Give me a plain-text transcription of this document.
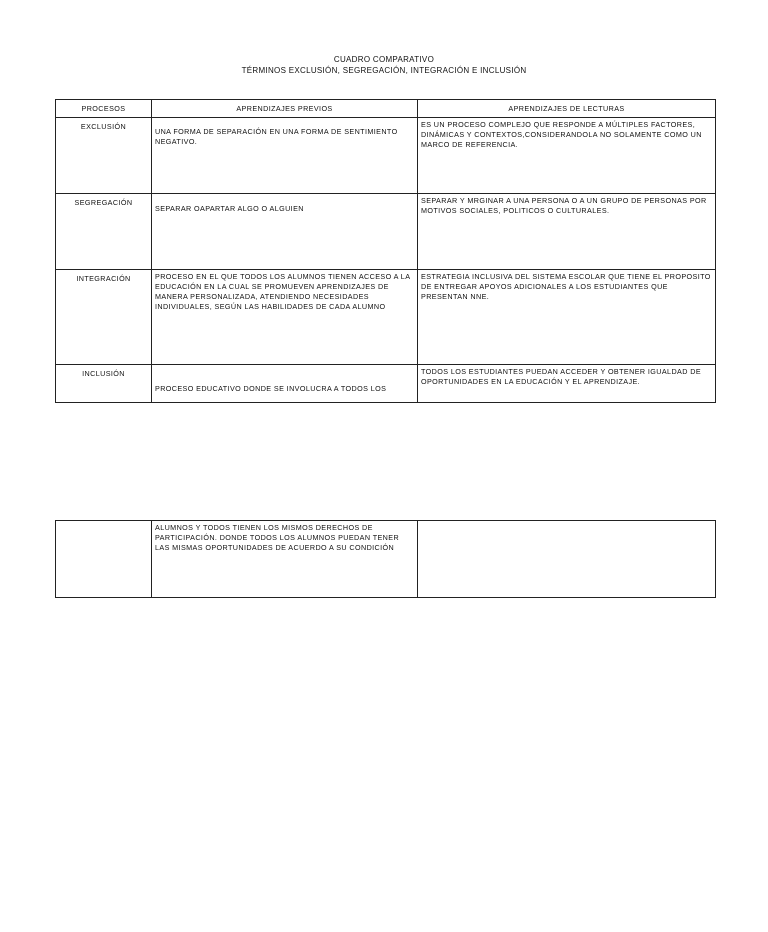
CUADRO COMPARATIVO
TÉRMINOS EXCLUSIÓN, SEGREGACIÓN, INTEGRACIÓN E INCLUSIÓN
PROCESOS	APRENDIZAJES PREVIOS	APRENDIZAJES DE LECTURAS
EXCLUSIÓN	UNA FORMA DE SEPARACIÓN EN UNA FORMA DE SENTIMIENTO NEGATIVO.	ES UN PROCESO COMPLEJO QUE RESPONDE A MÚLTIPLES FACTORES, DINÁMICAS Y CONTEXTOS,CONSIDERANDOLA NO SOLAMENTE COMO UN MARCO DE REFERENCIA.
SEGREGACIÓN	SEPARAR OAPARTAR ALGO O ALGUIEN	SEPARAR Y MRGINAR A UNA PERSONA O A UN GRUPO DE PERSONAS POR MOTIVOS SOCIALES, POLITICOS O CULTURALES.
INTEGRACIÓN	PROCESO EN EL QUE TODOS LOS ALUMNOS TIENEN ACCESO A LA EDUCACIÓN EN LA CUAL SE PROMUEVEN APRENDIZAJES DE MANERA PERSONALIZADA, ATENDIENDO NECESIDADES INDIVIDUALES, SEGÚN LAS HABILIDADES DE CADA ALUMNO	ESTRATEGIA INCLUSIVA DEL SISTEMA ESCOLAR QUE TIENE EL PROPOSITO DE ENTREGAR APOYOS ADICIONALES A LOS ESTUDIANTES QUE PRESENTAN NNE.
INCLUSIÓN	PROCESO EDUCATIVO DONDE SE INVOLUCRA A TODOS LOS	TODOS LOS ESTUDIANTES PUEDAN ACCEDER Y OBTENER IGUALDAD DE OPORTUNIDADES EN LA EDUCACIÓN Y EL APRENDIZAJE.
	ALUMNOS Y TODOS TIENEN LOS MISMOS DERECHOS DE PARTICIPACIÓN. DONDE TODOS LOS ALUMNOS PUEDAN TENER LAS MISMAS OPORTUNIDADES DE ACUERDO A SU CONDICIÓN	
